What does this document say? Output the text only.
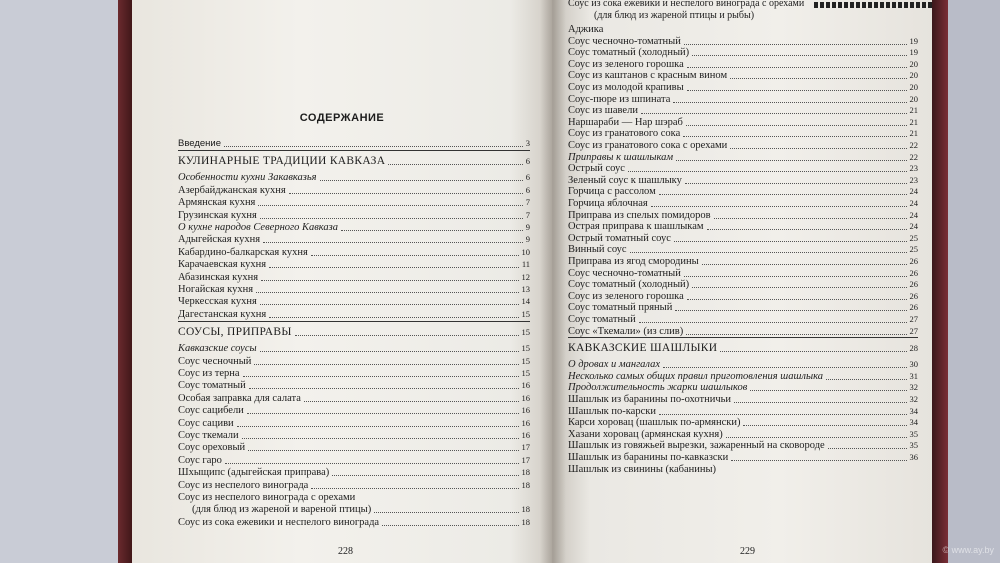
СОДЕРЖАНИЕ
Введение	3
КУЛИНАРНЫЕ ТРАДИЦИИ КАВКАЗА	6
Особенности кухни Закавказья	6
Азербайджанская кухня	6
Армянская кухня	7
Грузинская кухня	7
О кухне народов Северного Кавказа	9
Адыгейская кухня	9
Кабардино-балкарская кухня	10
Карачаевская кухня	11
Абазинская кухня	12
Ногайская кухня	13
Черкесская кухня	14
Дагестанская кухня	15
СОУСЫ, ПРИПРАВЫ	15
Кавказские соусы	15
Соус чесночный	15
Соус из терна	15
Соус томатный	16
Особая заправка для салата	16
Соус сацибели	16
Соус сациви	16
Соус ткемали	16
Соус ореховый	17
Соус гаро	17
Шхыщипс (адыгейская приправа)	18
Соус из неспелого винограда	18
Соус из неспелого винограда с орехами
(для блюд из жареной и вареной птицы)	18
Соус из сока ежевики и неспелого винограда	18
228
Соус из сока ежевики и неспелого винограда с орехами
(для блюд из жареной птицы и рыбы)
Аджика
Соус чесночно-томатный	19
Соус томатный (холодный)	19
Соус из зеленого горошка	20
Соус из каштанов с красным вином	20
Соус из молодой крапивы	20
Соус-пюре из шпината	20
Соус из шавели	21
Наршараби — Нар шэраб	21
Соус из гранатового сока	21
Соус из гранатового сока с орехами	22
Приправы к шашлыкам	22
Острый соус	23
Зеленый соус к шашлыку	23
Горчица с рассолом	24
Горчица яблочная	24
Приправа из спелых помидоров	24
Острая приправа к шашлыкам	24
Острый томатный соус	25
Винный соус	25
Приправа из ягод смородины	26
Соус чесночно-томатный	26
Соус томатный (холодный)	26
Соус из зеленого горошка	26
Соус томатный пряный	26
Соус томатный	27
Соус «Ткемали» (из слив)	27
КАВКАЗСКИЕ ШАШЛЫКИ	28
О дровах и мангалах	30
Несколько самых общих правил приготовления шашлыка	31
Продолжительность жарки шашлыков	32
Шашлык из баранины по-охотничьи	32
Шашлык по-карски	34
Карси хоровац (шашлык по-армянски)	34
Хазани хоровац (армянская кухня)	35
Шашлык из говяжьей вырезки, зажаренный на сковороде	35
Шашлык из баранины по-кавказски	36
Шашлык из свинины (кабанины)
229	© www.ay.by
